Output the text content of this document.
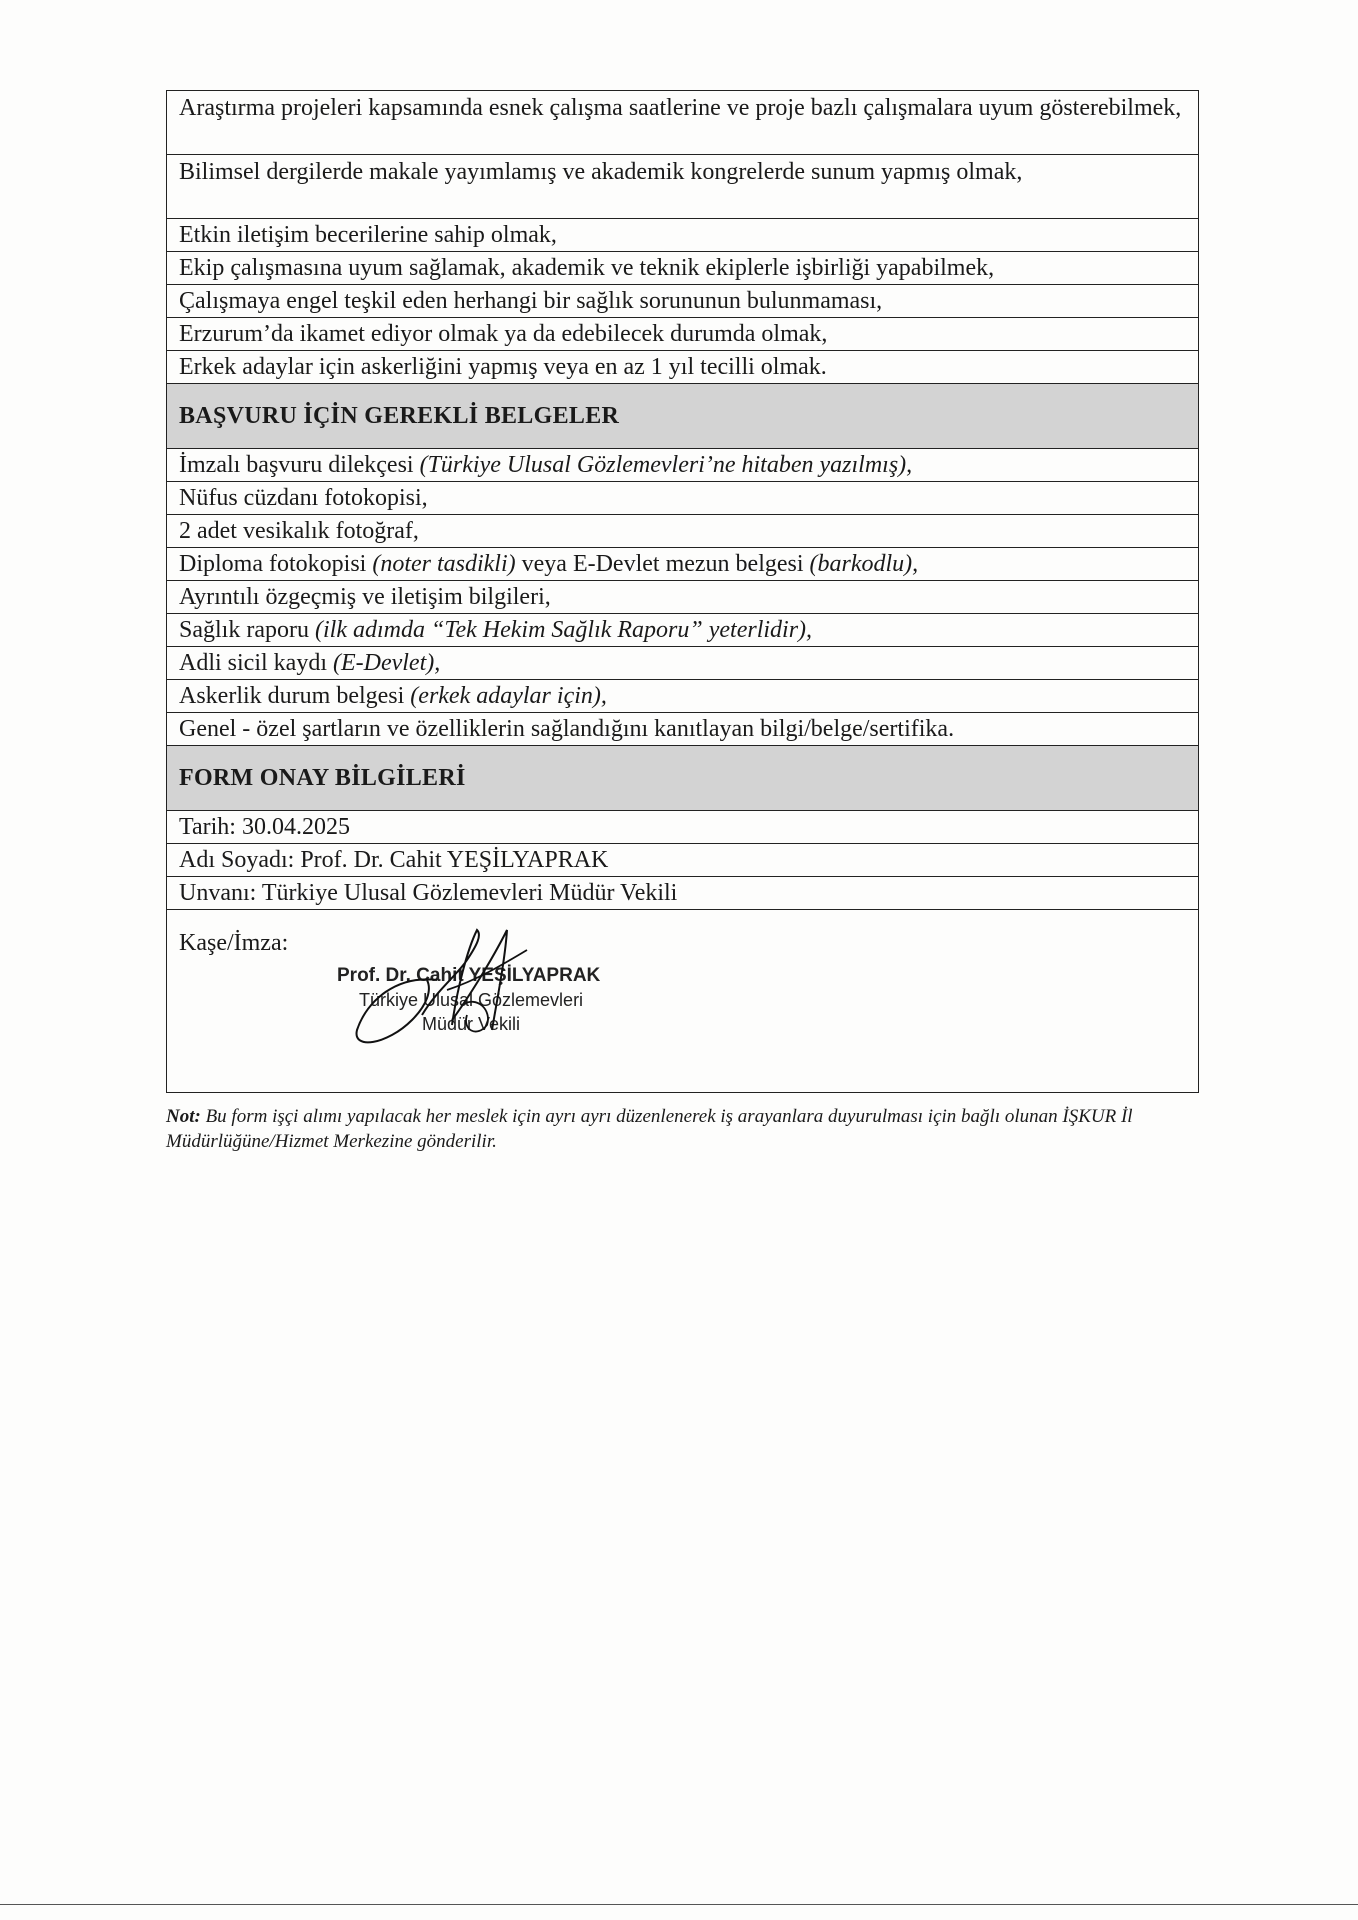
Araştırma projeleri kapsamında esnek çalışma saatlerine ve proje bazlı çalışmalara uyum gösterebilmek,
Bilimsel dergilerde makale yayımlamış ve akademik kongrelerde sunum yapmış olmak,
Etkin iletişim becerilerine sahip olmak,
Ekip çalışmasına uyum sağlamak, akademik ve teknik ekiplerle işbirliği yapabilmek,
Çalışmaya engel teşkil eden herhangi bir sağlık sorununun bulunmaması,
Erzurum’da ikamet ediyor olmak ya da edebilecek durumda olmak,
Erkek adaylar için askerliğini yapmış veya en az 1 yıl tecilli olmak.
BAŞVURU İÇİN GEREKLİ BELGELER
İmzalı başvuru dilekçesi (Türkiye Ulusal Gözlemevleri’ne hitaben yazılmış),
Nüfus cüzdanı fotokopisi,
2 adet vesikalık fotoğraf,
Diploma fotokopisi (noter tasdikli) veya E-Devlet mezun belgesi (barkodlu),
Ayrıntılı özgeçmiş ve iletişim bilgileri,
Sağlık raporu (ilk adımda “Tek Hekim Sağlık Raporu” yeterlidir),
Adli sicil kaydı (E-Devlet),
Askerlik durum belgesi (erkek adaylar için),
Genel - özel şartların ve özelliklerin sağlandığını kanıtlayan bilgi/belge/sertifika.
FORM ONAY BİLGİLERİ
Tarih: 30.04.2025
Adı Soyadı: Prof. Dr. Cahit YEŞİLYAPRAK
Unvanı: Türkiye Ulusal Gözlemevleri Müdür Vekili
Kaşe/İmza:
Prof. Dr. Cahit YEŞİLYAPRAK
Türkiye Ulusal Gözlemevleri
Müdür Vekili
Not: Bu form işçi alımı yapılacak her meslek için ayrı ayrı düzenlenerek iş arayanlara duyurulması için bağlı olunan İŞKUR İl Müdürlüğüne/Hizmet Merkezine gönderilir.
